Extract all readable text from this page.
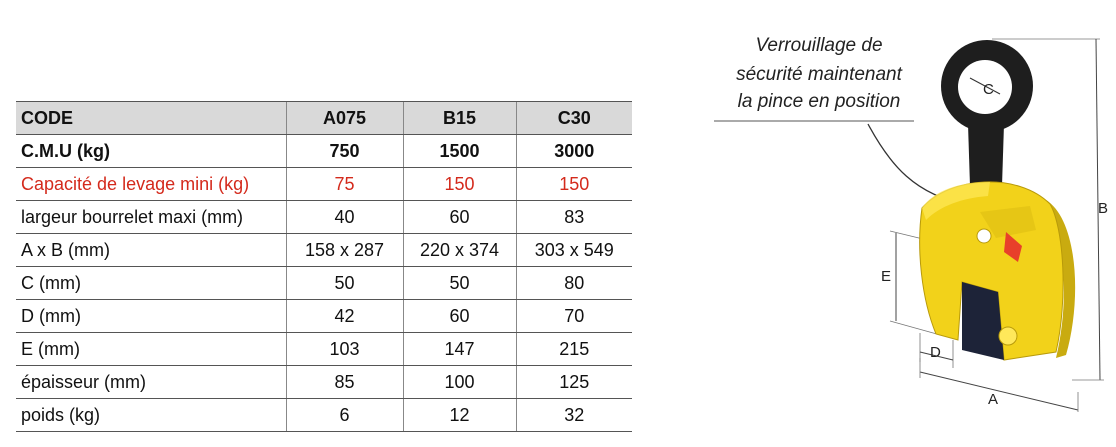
CODE	A075	B15	C30
C.M.U (kg)	750	1500	3000
Capacité de levage mini (kg)	75	150	150
largeur bourrelet maxi (mm)	40	60	83
A x B (mm)	158 x 287	220 x 374	303 x 549
C (mm)	50	50	80
D (mm)	42	60	70
E (mm)	103	147	215
épaisseur (mm)	85	100	125
poids (kg)	6	12	32
Verrouillage de
sécurité maintenant
la pince en position
B
A
E
D
C
